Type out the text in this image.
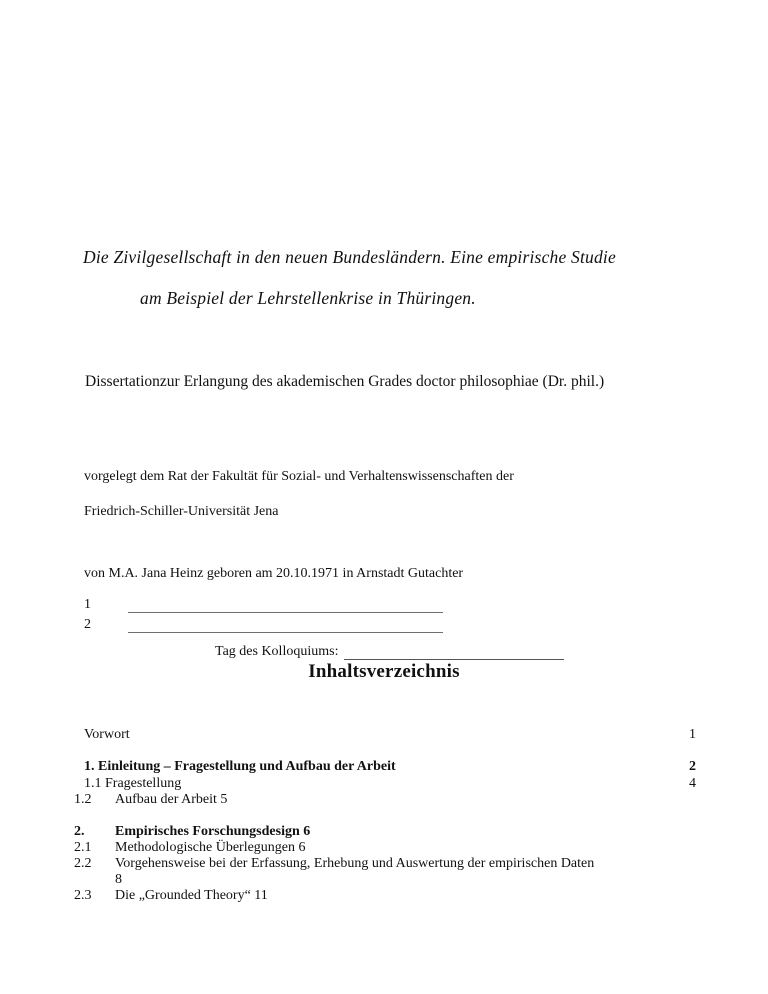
Die Zivilgesellschaft in den neuen Bundesländern. Eine empirische Studie
am Beispiel der Lehrstellenkrise in Thüringen.
Dissertationzur Erlangung des akademischen Grades doctor philosophiae (Dr. phil.)
vorgelegt dem Rat der Fakultät für Sozial- und Verhaltenswissenschaften der
Friedrich-Schiller-Universität Jena
von M.A. Jana Heinz geboren am 20.10.1971 in Arnstadt Gutachter
1
2
Tag des Kolloquiums:
Inhaltsverzeichnis
Vorwort	1
1. Einleitung – Fragestellung und Aufbau der Arbeit	2
1.1 Fragestellung	4
1.2 Aufbau der Arbeit 5
2. Empirisches Forschungsdesign 6
2.1 Methodologische Überlegungen 6
2.2 Vorgehensweise bei der Erfassung, Erhebung und Auswertung der empirischen Daten
8
2.3 Die „Grounded Theory“ 11
